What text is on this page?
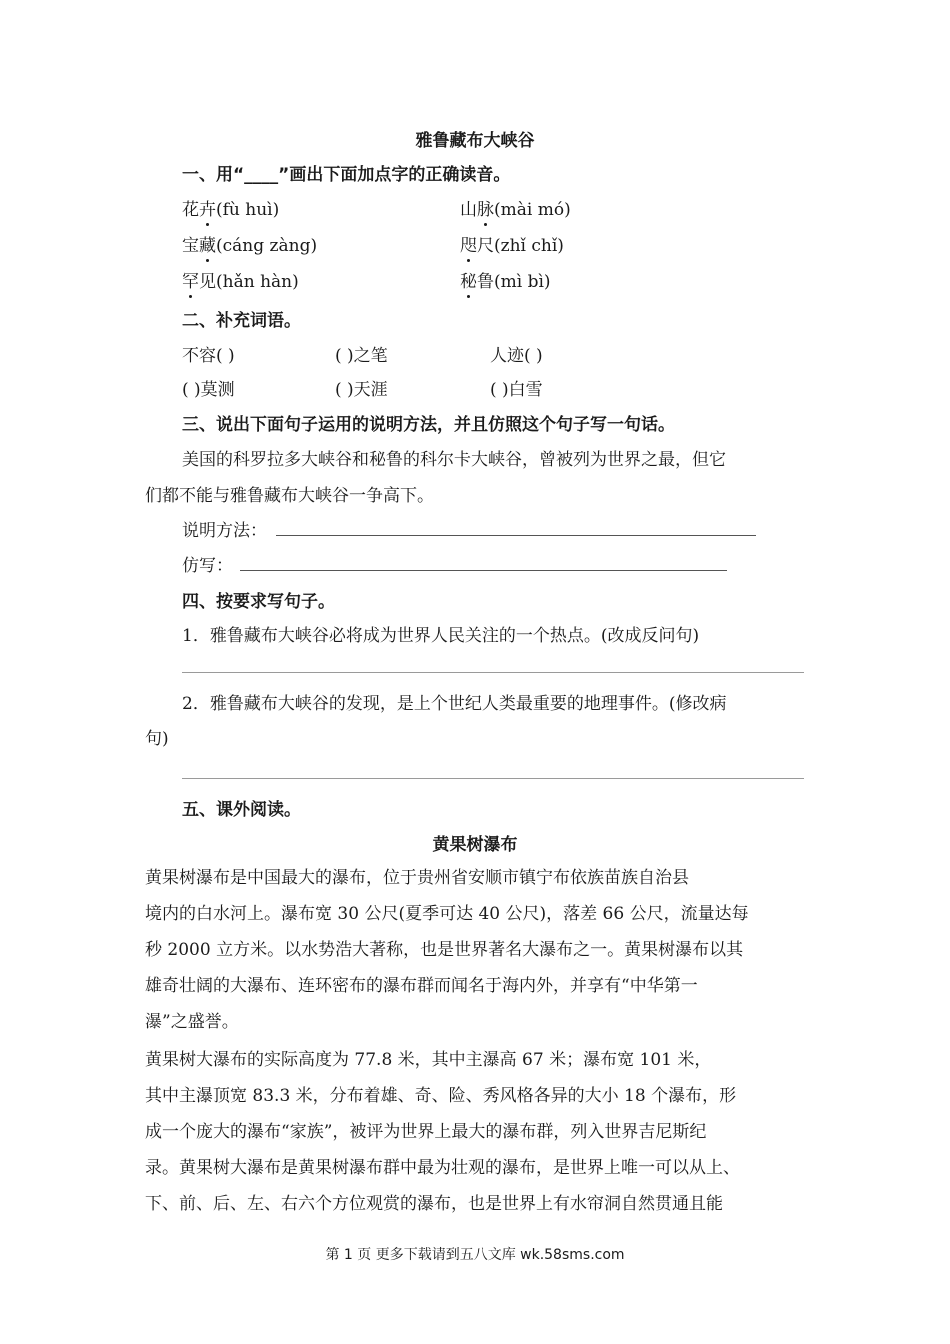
雅鲁藏布大峡谷
一、用“____”画出下面加点字的正确读音。
花卉(fù huì)	山脉(mài mó)
宝藏(cáng zàng)	咫尺(zhǐ chǐ)
罕见(hǎn hàn)	秘鲁(mì bì)
二、补充词语。
不容( )	( )之笔	人迹( )
( )莫测	( )天涯	( )白雪
三、说出下面句子运用的说明方法，并且仿照这个句子写一句话。
美国的科罗拉多大峡谷和秘鲁的科尔卡大峡谷，曾被列为世界之最，但它
们都不能与雅鲁藏布大峡谷一争高下。
说明方法：
仿写：
四、按要求写句子。
1．雅鲁藏布大峡谷必将成为世界人民关注的一个热点。(改成反问句)
2．雅鲁藏布大峡谷的发现，是上个世纪人类最重要的地理事件。(修改病
句)
五、课外阅读。
黄果树瀑布
黄果树瀑布是中国最大的瀑布，位于贵州省安顺市镇宁布依族苗族自治县
境内的白水河上。瀑布宽 30 公尺(夏季可达 40 公尺)，落差 66 公尺，流量达每
秒 2000 立方米。以水势浩大著称，也是世界著名大瀑布之一。黄果树瀑布以其
雄奇壮阔的大瀑布、连环密布的瀑布群而闻名于海内外，并享有“中华第一
瀑”之盛誉。
黄果树大瀑布的实际高度为 77.8 米，其中主瀑高 67 米；瀑布宽 101 米，
其中主瀑顶宽 83.3 米，分布着雄、奇、险、秀风格各异的大小 18 个瀑布，形
成一个庞大的瀑布“家族”，被评为世界上最大的瀑布群，列入世界吉尼斯纪
录。黄果树大瀑布是黄果树瀑布群中最为壮观的瀑布，是世界上唯一可以从上、
下、前、后、左、右六个方位观赏的瀑布，也是世界上有水帘洞自然贯通且能
第 1 页 更多下载请到五八文库 wk.58sms.com
